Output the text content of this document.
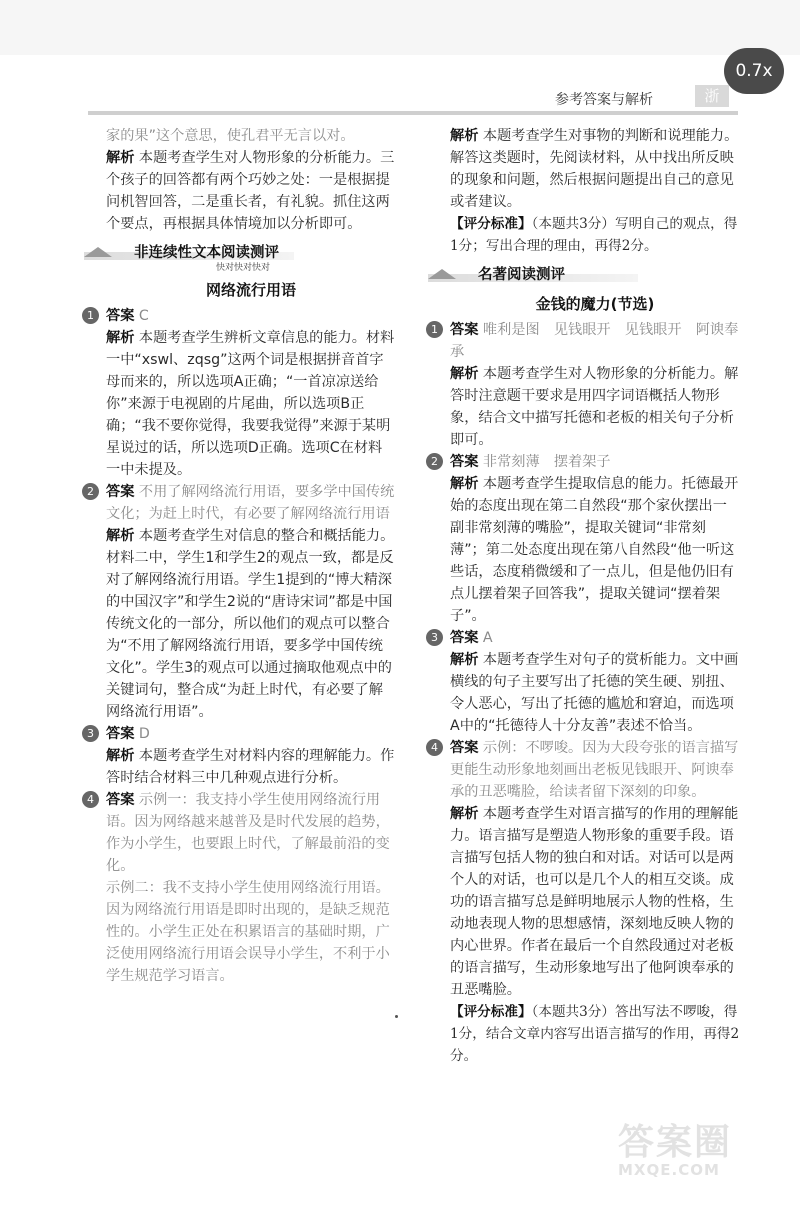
参考答案与解析	浙

家的果”这个意思，使孔君平无言以对。

解析 本题考查学生对人物形象的分析能力。三个孩子的回答都有两个巧妙之处：一是根据提问机智回答，二是重长者，有礼貌。抓住这两个要点，再根据具体情境加以分析即可。

非连续性文本阅读测评
快对快对快对
网络流行用语
1 答案 C

解析 本题考查学生辨析文章信息的能力。材料一中“xswl、zqsg”这两个词是根据拼音首字母而来的，所以选项A正确；“一首凉凉送给你”来源于电视剧的片尾曲，所以选项B正确；“我不要你觉得，我要我觉得”来源于某明星说过的话，所以选项D正确。选项C在材料一中未提及。

2 答案 不用了解网络流行用语，要多学中国传统文化；为赶上时代，有必要了解网络流行用语

解析 本题考查学生对信息的整合和概括能力。材料二中，学生1和学生2的观点一致，都是反对了解网络流行用语。学生1提到的“博大精深的中国汉字”和学生2说的“唐诗宋词”都是中国传统文化的一部分，所以他们的观点可以整合为“不用了解网络流行用语，要多学中国传统文化”。学生3的观点可以通过摘取他观点中的关键词句，整合成“为赶上时代，有必要了解网络流行用语”。

3 答案 D

解析 本题考查学生对材料内容的理解能力。作答时结合材料三中几种观点进行分析。

4 答案 示例一：我支持小学生使用网络流行用语。因为网络越来越普及是时代发展的趋势，作为小学生，也要跟上时代，了解最前沿的变化。

示例二：我不支持小学生使用网络流行用语。因为网络流行用语是即时出现的，是缺乏规范性的。小学生正处在积累语言的基础时期，广泛使用网络流行用语会误导小学生，不利于小学生规范学习语言。

解析 本题考查学生对事物的判断和说理能力。解答这类题时，先阅读材料，从中找出所反映的现象和问题，然后根据问题提出自己的意见或者建议。

【评分标准】（本题共3分）写明自己的观点，得1分；写出合理的理由，再得2分。

名著阅读测评
金钱的魔力(节选)
1 答案 唯利是图　见钱眼开　见钱眼开　阿谀奉承

解析 本题考查学生对人物形象的分析能力。解答时注意题干要求是用四字词语概括人物形象，结合文中描写托德和老板的相关句子分析即可。

2 答案 非常刻薄　摆着架子

解析 本题考查学生提取信息的能力。托德最开始的态度出现在第二自然段“那个家伙摆出一副非常刻薄的嘴脸”，提取关键词“非常刻薄”；第二处态度出现在第八自然段“他一听这些话，态度稍微缓和了一点儿，但是他仍旧有点儿摆着架子回答我”，提取关键词“摆着架子”。

3 答案 A

解析 本题考查学生对句子的赏析能力。文中画横线的句子主要写出了托德的笑生硬、别扭、令人恶心，写出了托德的尴尬和窘迫，而选项A中的“托德待人十分友善”表述不恰当。

4 答案 示例：不啰唆。因为大段夸张的语言描写更能生动形象地刻画出老板见钱眼开、阿谀奉承的丑恶嘴脸，给读者留下深刻的印象。

解析 本题考查学生对语言描写的作用的理解能力。语言描写是塑造人物形象的重要手段。语言描写包括人物的独白和对话。对话可以是两个人的对话，也可以是几个人的相互交谈。成功的语言描写总是鲜明地展示人物的性格，生动地表现人物的思想感情，深刻地反映人物的内心世界。作者在最后一个自然段通过对老板的语言描写，生动形象地写出了他阿谀奉承的丑恶嘴脸。

【评分标准】（本题共3分）答出写法不啰唆，得1分，结合文章内容写出语言描写的作用，再得2分。

0.7x
答案圈
MXQE.COM
